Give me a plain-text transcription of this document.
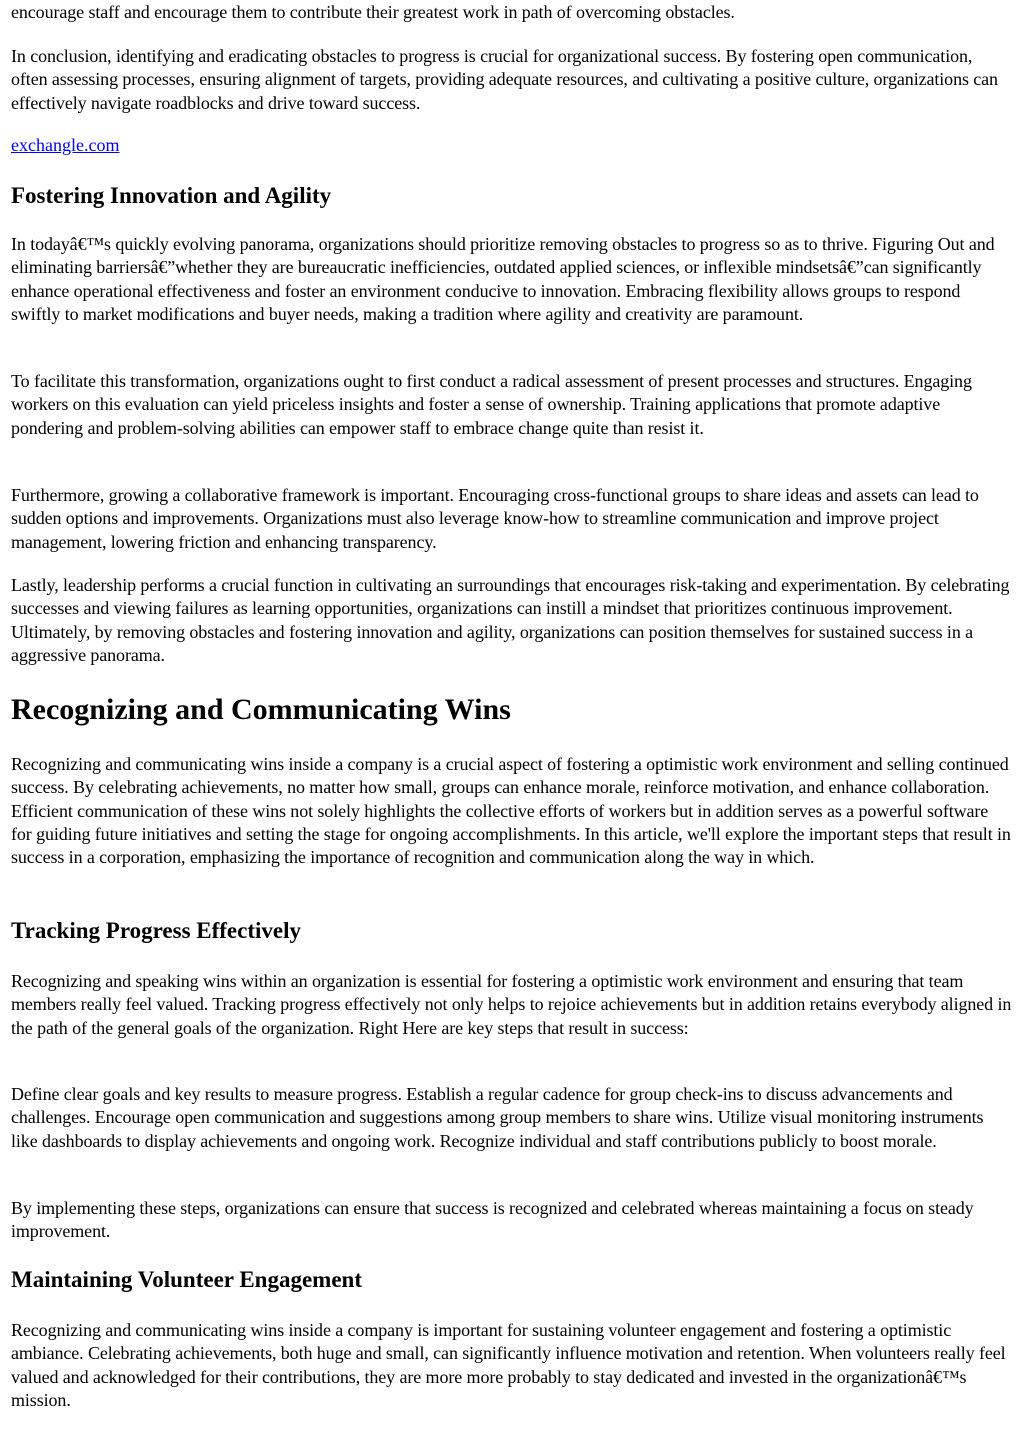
encourage staff and encourage them to contribute their greatest work in path of overcoming obstacles.

In conclusion, identifying and eradicating obstacles to progress is crucial for organizational success. By fostering open communication, often assessing processes, ensuring alignment of targets, providing adequate resources, and cultivating a positive culture, organizations can effectively navigate roadblocks and drive toward success.

exchangle.com
Fostering Innovation and Agility

In todayâ€™s quickly evolving panorama, organizations should prioritize removing obstacles to progress so as to thrive. Figuring Out and eliminating barriersâ€”whether they are bureaucratic inefficiencies, outdated applied sciences, or inflexible mindsetsâ€”can significantly enhance operational effectiveness and foster an environment conducive to innovation. Embracing flexibility allows groups to respond swiftly to market modifications and buyer needs, making a tradition where agility and creativity are paramount.

To facilitate this transformation, organizations ought to first conduct a radical assessment of present processes and structures. Engaging workers on this evaluation can yield priceless insights and foster a sense of ownership. Training applications that promote adaptive pondering and problem-solving abilities can empower staff to embrace change quite than resist it.

Furthermore, growing a collaborative framework is important. Encouraging cross-functional groups to share ideas and assets can lead to sudden options and improvements. Organizations must also leverage know-how to streamline communication and improve project management, lowering friction and enhancing transparency.

Lastly, leadership performs a crucial function in cultivating an surroundings that encourages risk-taking and experimentation. By celebrating successes and viewing failures as learning opportunities, organizations can instill a mindset that prioritizes continuous improvement. Ultimately, by removing obstacles and fostering innovation and agility, organizations can position themselves for sustained success in a aggressive panorama.

Recognizing and Communicating Wins

Recognizing and communicating wins inside a company is a crucial aspect of fostering a optimistic work environment and selling continued success. By celebrating achievements, no matter how small, groups can enhance morale, reinforce motivation, and enhance collaboration. Efficient communication of these wins not solely highlights the collective efforts of workers but in addition serves as a powerful software for guiding future initiatives and setting the stage for ongoing accomplishments. In this article, we'll explore the important steps that result in success in a corporation, emphasizing the importance of recognition and communication along the way in which.

Tracking Progress Effectively

Recognizing and speaking wins within an organization is essential for fostering a optimistic work environment and ensuring that team members really feel valued. Tracking progress effectively not only helps to rejoice achievements but in addition retains everybody aligned in the path of the general goals of the organization. Right Here are key steps that result in success:

Define clear goals and key results to measure progress. Establish a regular cadence for group check-ins to discuss advancements and challenges. Encourage open communication and suggestions among group members to share wins. Utilize visual monitoring instruments like dashboards to display achievements and ongoing work. Recognize individual and staff contributions publicly to boost morale.

By implementing these steps, organizations can ensure that success is recognized and celebrated whereas maintaining a focus on steady improvement.

Maintaining Volunteer Engagement

Recognizing and communicating wins inside a company is important for sustaining volunteer engagement and fostering a optimistic ambiance. Celebrating achievements, both huge and small, can significantly influence motivation and retention. When volunteers really feel valued and acknowledged for their contributions, they are more more probably to stay dedicated and invested in the organizationâ€™s mission.
